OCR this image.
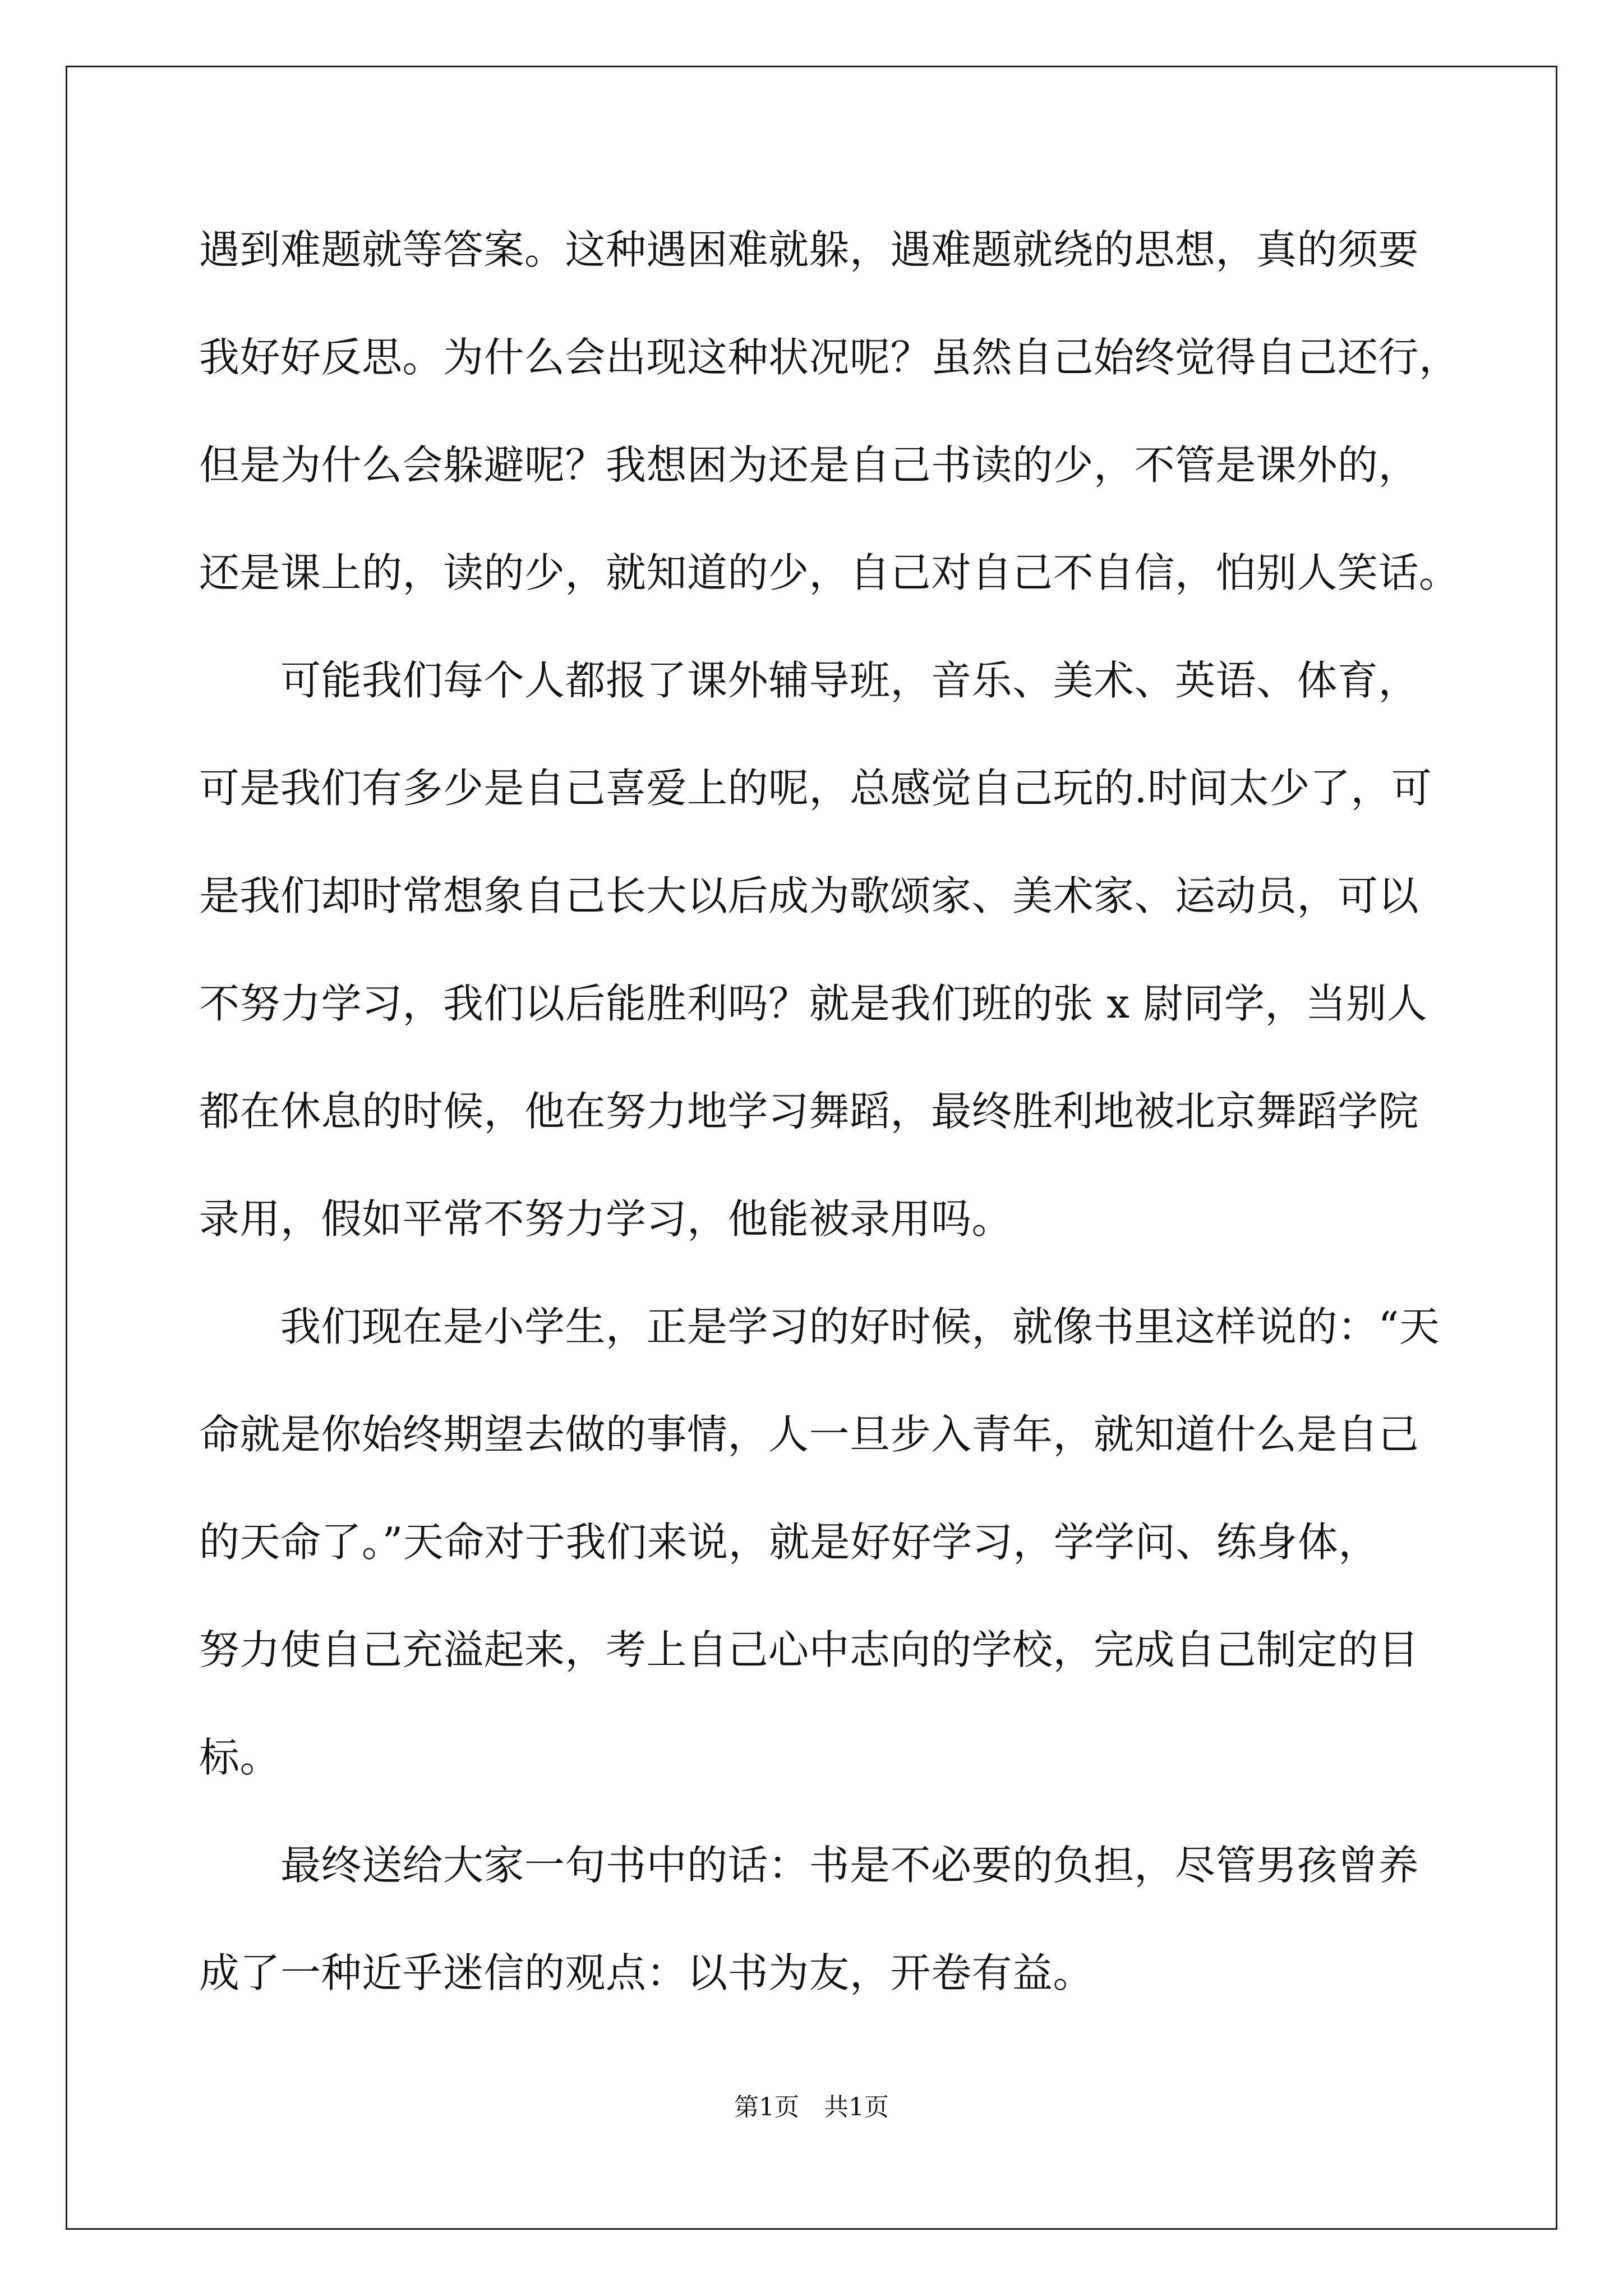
遇到难题就等答案。这种遇困难就躲，遇难题就绕的思想，真的须要
我好好反思。为什么会出现这种状况呢？虽然自己始终觉得自己还行，
但是为什么会躲避呢？我想困为还是自己书读的少，不管是课外的，
还是课上的，读的少，就知道的少，自己对自己不自信，怕别人笑话。
　　可能我们每个人都报了课外辅导班，音乐、美术、英语、体育，
可是我们有多少是自己喜爱上的呢，总感觉自己玩的.时间太少了，可
是我们却时常想象自己长大以后成为歌颂家、美术家、运动员，可以
不努力学习，我们以后能胜利吗？就是我们班的张 x 尉同学，当别人
都在休息的时候，他在努力地学习舞蹈，最终胜利地被北京舞蹈学院
录用，假如平常不努力学习，他能被录用吗。
　　我们现在是小学生，正是学习的好时候，就像书里这样说的：“天
命就是你始终期望去做的事情，人一旦步入青年，就知道什么是自己
的天命了。”天命对于我们来说，就是好好学习，学学问、练身体，
努力使自己充溢起来，考上自己心中志向的学校，完成自己制定的目
标。
　　最终送给大家一句书中的话：书是不必要的负担，尽管男孩曾养
成了一种近乎迷信的观点：以书为友，开卷有益。
第1页　共1页
